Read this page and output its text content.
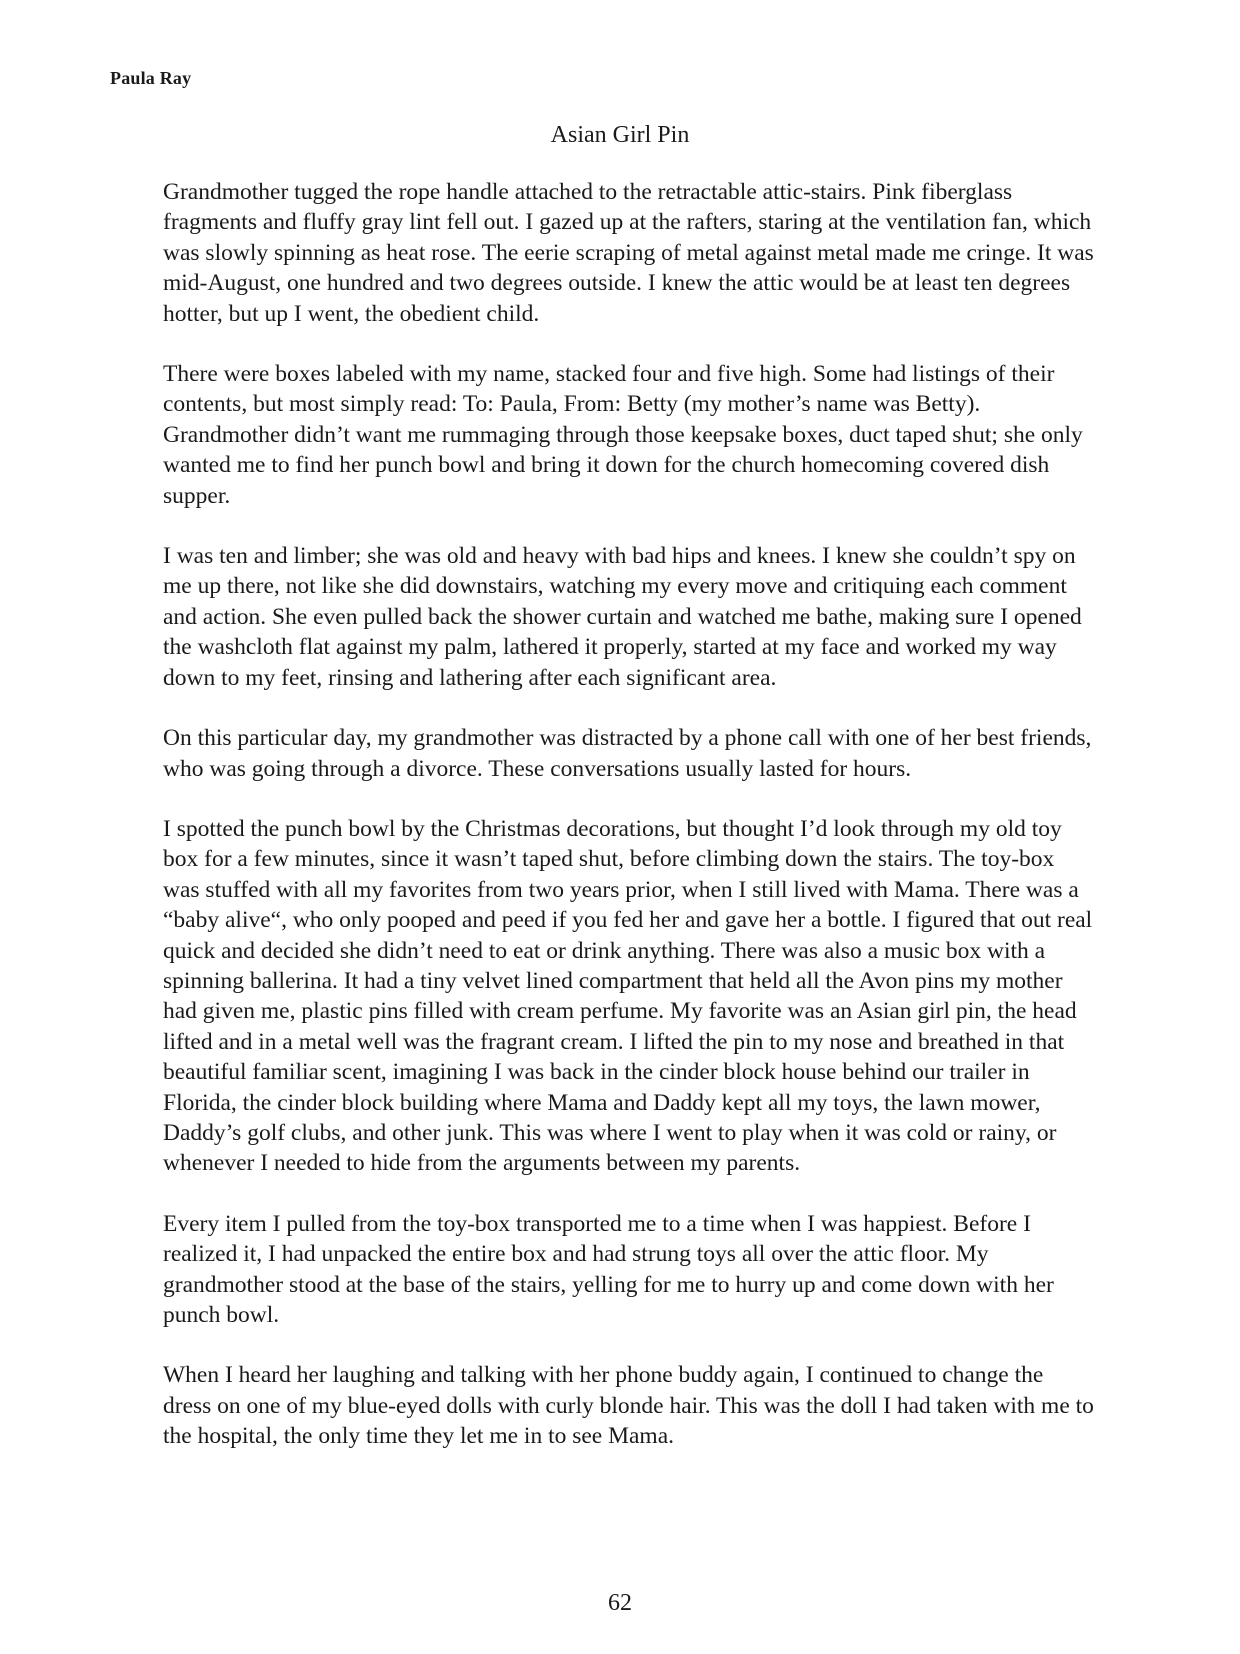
Paula Ray
Asian Girl Pin

Grandmother tugged the rope handle attached to the retractable attic-stairs. Pink fiberglass fragments and fluffy gray lint fell out. I gazed up at the rafters, staring at the ventilation fan, which was slowly spinning as heat rose. The eerie scraping of metal against metal made me cringe. It was mid-August, one hundred and two degrees outside. I knew the attic would be at least ten degrees hotter, but up I went, the obedient child.

There were boxes labeled with my name, stacked four and five high. Some had listings of their contents, but most simply read: To: Paula, From: Betty (my mother’s name was Betty). Grandmother didn’t want me rummaging through those keepsake boxes, duct taped shut; she only wanted me to find her punch bowl and bring it down for the church homecoming covered dish supper.

I was ten and limber; she was old and heavy with bad hips and knees. I knew she couldn’t spy on me up there, not like she did downstairs, watching my every move and critiquing each comment and action. She even pulled back the shower curtain and watched me bathe, making sure I opened the washcloth flat against my palm, lathered it properly, started at my face and worked my way down to my feet, rinsing and lathering after each significant area.

On this particular day, my grandmother was distracted by a phone call with one of her best friends, who was going through a divorce. These conversations usually lasted for hours.

I spotted the punch bowl by the Christmas decorations, but thought I’d look through my old toy box for a few minutes, since it wasn’t taped shut, before climbing down the stairs. The toy-box was stuffed with all my favorites from two years prior, when I still lived with Mama. There was a “baby alive“, who only pooped and peed if you fed her and gave her a bottle. I figured that out real quick and decided she didn’t need to eat or drink anything. There was also a music box with a spinning ballerina. It had a tiny velvet lined compartment that held all the Avon pins my mother had given me, plastic pins filled with cream perfume. My favorite was an Asian girl pin, the head lifted and in a metal well was the fragrant cream. I lifted the pin to my nose and breathed in that beautiful familiar scent, imagining I was back in the cinder block house behind our trailer in Florida, the cinder block building where Mama and Daddy kept all my toys, the lawn mower, Daddy’s golf clubs, and other junk. This was where I went to play when it was cold or rainy, or whenever I needed to hide from the arguments between my parents.

Every item I pulled from the toy-box transported me to a time when I was happiest. Before I realized it, I had unpacked the entire box and had strung toys all over the attic floor. My grandmother stood at the base of the stairs, yelling for me to hurry up and come down with her punch bowl.

When I heard her laughing and talking with her phone buddy again, I continued to change the dress on one of my blue-eyed dolls with curly blonde hair. This was the doll I had taken with me to the hospital, the only time they let me in to see Mama.

62
